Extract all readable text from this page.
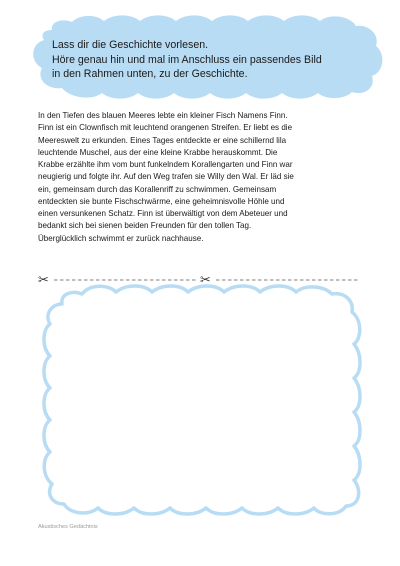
Lass dir die Geschichte vorlesen.
Höre genau hin und mal im Anschluss ein passendes Bild
in den Rahmen unten, zu der Geschichte.
In den Tiefen des blauen Meeres lebte ein kleiner Fisch Namens Finn.
Finn ist ein Clownfisch mit leuchtend orangenen Streifen. Er liebt es die
Meereswelt zu erkunden. Eines Tages entdeckte er eine schillernd lila
leuchtende Muschel, aus der eine kleine Krabbe herauskommt. Die
Krabbe erzählte ihm vom bunt funkelndem Korallengarten und Finn war
neugierig und folgte ihr. Auf den Weg trafen sie Willy den Wal. Er läd sie
ein, gemeinsam durch das Korallenriff zu schwimmen. Gemeinsam
entdeckten sie bunte Fischschwärme, eine geheimnisvolle Höhle und
einen versunkenen Schatz. Finn ist überwältigt von dem Abeteuer und
bedankt sich bei sienen beiden Freunden für den tollen Tag.
Überglücklich schwimmt er zurück nachhause.
✂	✂
Akustisches Gedächtnis
